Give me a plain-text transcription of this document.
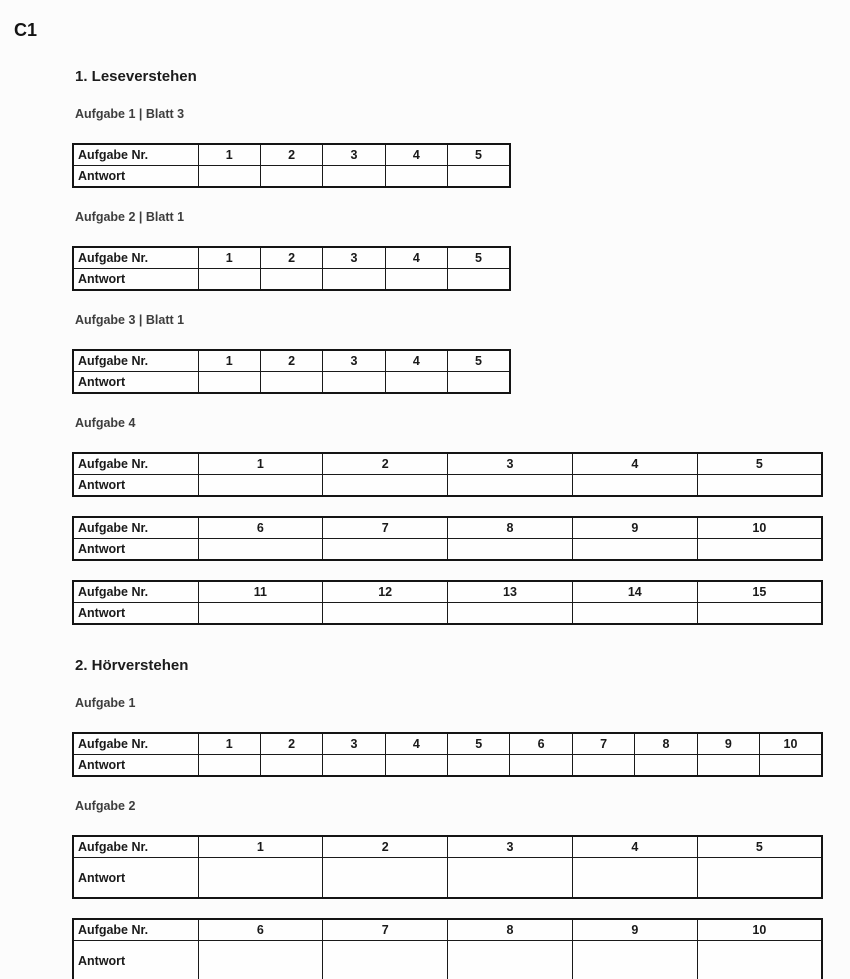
C1
1. Leseverstehen
Aufgabe 1 | Blatt 3
Aufgabe Nr.	1	2	3	4	5
Antwort					
Aufgabe 2 | Blatt 1
Aufgabe Nr.	1	2	3	4	5
Antwort					
Aufgabe 3 | Blatt 1
Aufgabe Nr.	1	2	3	4	5
Antwort					
Aufgabe 4
Aufgabe Nr.	1	2	3	4	5
Antwort					
Aufgabe Nr.	6	7	8	9	10
Antwort					
Aufgabe Nr.	11	12	13	14	15
Antwort					
2. Hörverstehen
Aufgabe 1
Aufgabe Nr.	1	2	3	4	5	6	7	8	9	10
Antwort										
Aufgabe 2
Aufgabe Nr.	1	2	3	4	5
Antwort					
Aufgabe Nr.	6	7	8	9	10
Antwort					
